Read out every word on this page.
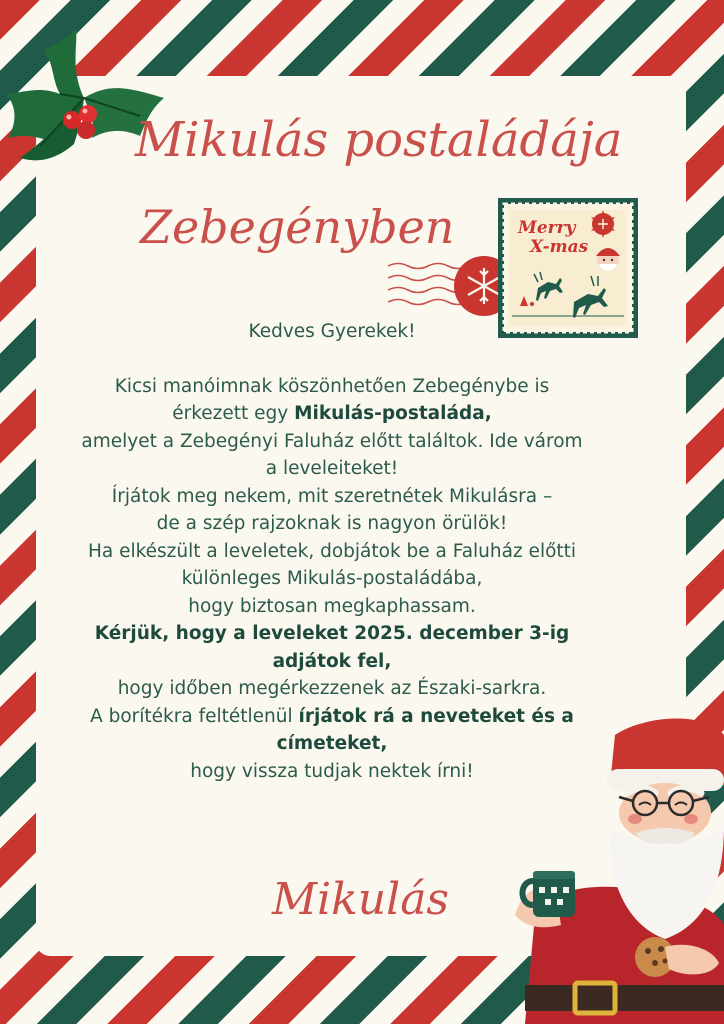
Mikulás postaládája
Zebegényben	Merry
X-mas

Kedves Gyerekek!

Kicsi manóimnak köszönhetően Zebegénybe is

érkezett egy Mikulás-postaláda,

amelyet a Zebegényi Faluház előtt találtok. Ide várom

a leveleiteket!

Írjátok meg nekem, mit szeretnétek Mikulásra –

de a szép rajzoknak is nagyon örülök!

Ha elkészült a leveletek, dobjátok be a Faluház előtti

különleges Mikulás-postaládába,

hogy biztosan megkaphassam.

Kérjük, hogy a leveleket 2025. december 3-ig

adjátok fel,

hogy időben megérkezzenek az Északi-sarkra.

A borítékra feltétlenül írjátok rá a neveteket és a

címeteket,

hogy vissza tudjak nektek írni!

Mikulás
